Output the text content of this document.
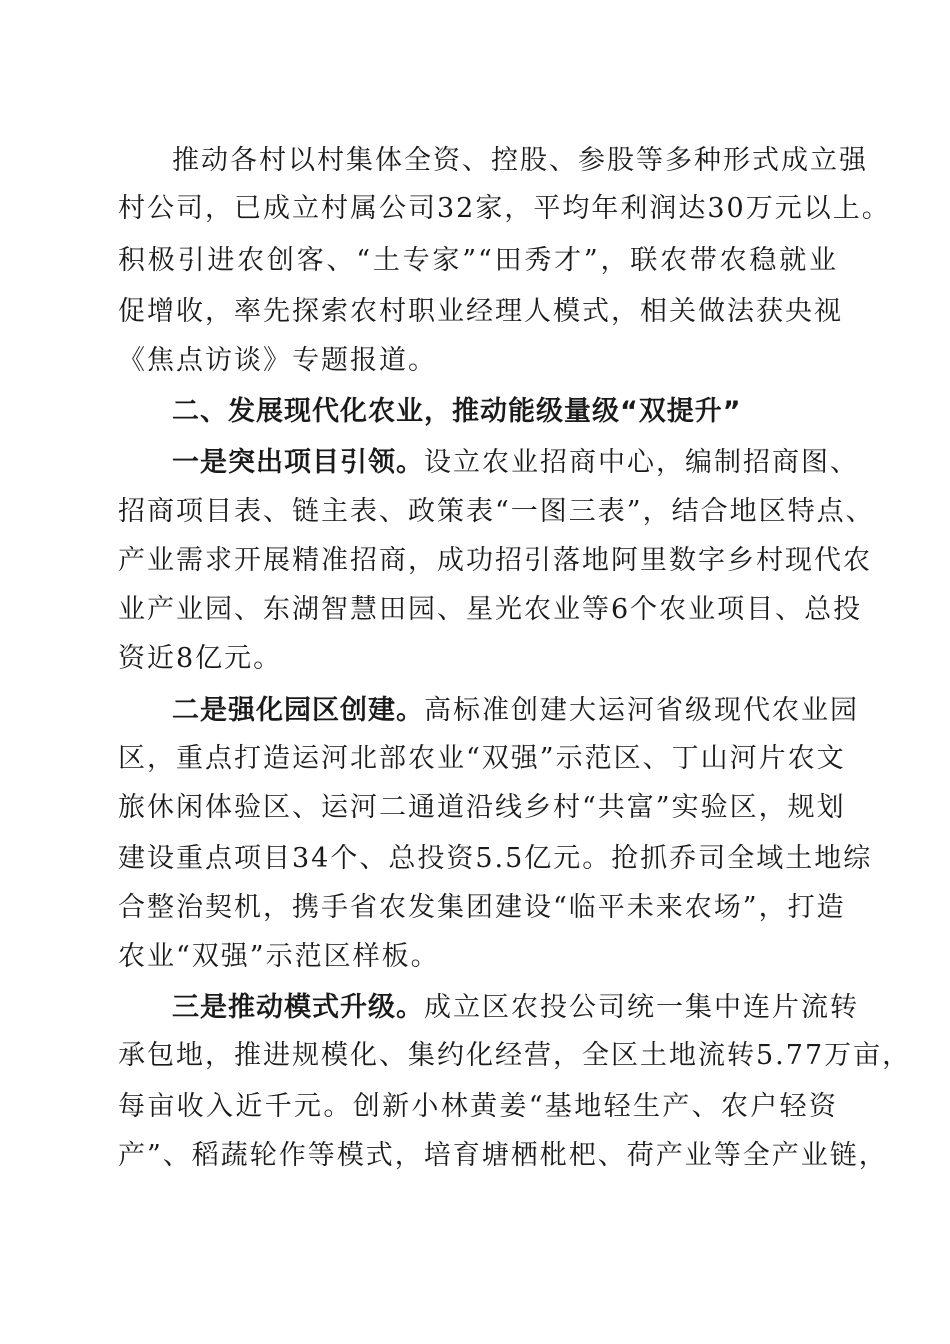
推动各村以村集体全资、控股、参股等多种形式成立强
村公司，已成立村属公司32家，平均年利润达30万元以上。
积极引进农创客、“土专家”“田秀才”，联农带农稳就业
促增收，率先探索农村职业经理人模式，相关做法获央视
《焦点访谈》专题报道。
二、发展现代化农业，推动能级量级“双提升”
一是突出项目引领。设立农业招商中心，编制招商图、
招商项目表、链主表、政策表“一图三表”，结合地区特点、
产业需求开展精准招商，成功招引落地阿里数字乡村现代农
业产业园、东湖智慧田园、星光农业等6个农业项目、总投
资近8亿元。
二是强化园区创建。高标准创建大运河省级现代农业园
区，重点打造运河北部农业“双强”示范区、丁山河片农文
旅休闲体验区、运河二通道沿线乡村“共富”实验区，规划
建设重点项目34个、总投资5.5亿元。抢抓乔司全域土地综
合整治契机，携手省农发集团建设“临平未来农场”，打造
农业“双强”示范区样板。
三是推动模式升级。成立区农投公司统一集中连片流转
承包地，推进规模化、集约化经营，全区土地流转5.77万亩，
每亩收入近千元。创新小林黄姜“基地轻生产、农户轻资
产”、稻蔬轮作等模式，培育塘栖枇杷、荷产业等全产业链，
